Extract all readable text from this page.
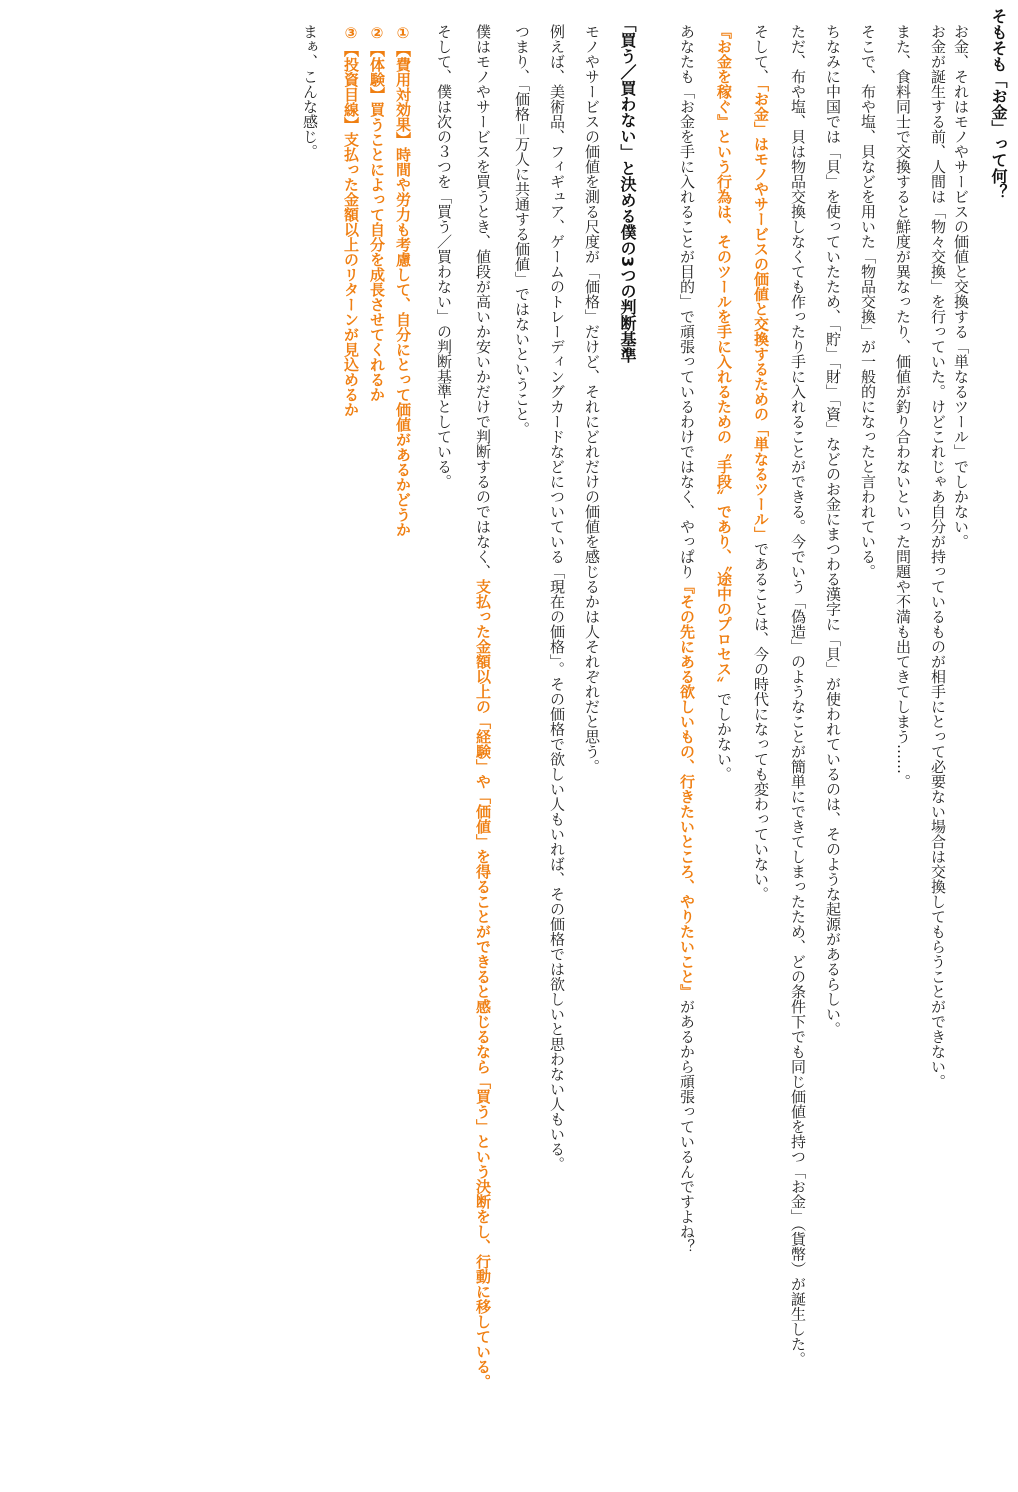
そもそも「お金」って何？

お金、それはモノやサービスの価値と交換する「単なるツール」でしかない。

お金が誕生する前、人間は「物々交換」を行っていた。けどこれじゃあ自分が持っているものが相手にとって必要ない場合は交換してもらうことができない。

また、食料同士で交換すると鮮度が異なったり、価値が釣り合わないといった問題や不満も出てきてしまう……。

そこで、布や塩、貝などを用いた「物品交換」が一般的になったと言われている。

ちなみに中国では「貝」を使っていたため、「貯」「財」「資」などのお金にまつわる漢字に「貝」が使われているのは、そのような起源があるらしい。

ただ、布や塩、貝は物品交換しなくても作ったり手に入れることができる。今でいう「偽造」のようなことが簡単にできてしまったため、どの条件下でも同じ価値を持つ「お金」（貨幣）が誕生した。

そして、「お金」はモノやサービスの価値と交換するための「単なるツール」であることは、今の時代になっても変わっていない。

『お金を稼ぐ』という行為は、そのツールを手に入れるための〝手段〟であり、〝途中のプロセス〟でしかない。

あなたも「お金を手に入れることが目的」で頑張っているわけではなく、やっぱり『その先にある欲しいもの、行きたいところ、やりたいこと』があるから頑張っているんですよね？

「買う／買わない」と決める僕の3つの判断基準

モノやサービスの価値を測る尺度が「価格」だけど、それにどれだけの価値を感じるかは人それぞれだと思う。

例えば、美術品、フィギュア、ゲームのトレーディングカードなどについている「現在の価格」。その価格で欲しい人もいれば、その価格では欲しいと思わない人もいる。

つまり、「価格＝万人に共通する価値」ではないということ。

僕はモノやサービスを買うとき、値段が高いか安いかだけで判断するのではなく、支払った金額以上の「経験」や「価値」を得ることができると感じるなら「買う」という決断をし、行動に移している。

そして、僕は次の３つを「買う／買わない」の判断基準としている。

①【費用対効果】時間や労力も考慮して、自分にとって価値があるかどうか

②【体験】買うことによって自分を成長させてくれるか

③【投資目線】支払った金額以上のリターンが見込めるか

まぁ、こんな感じ。
